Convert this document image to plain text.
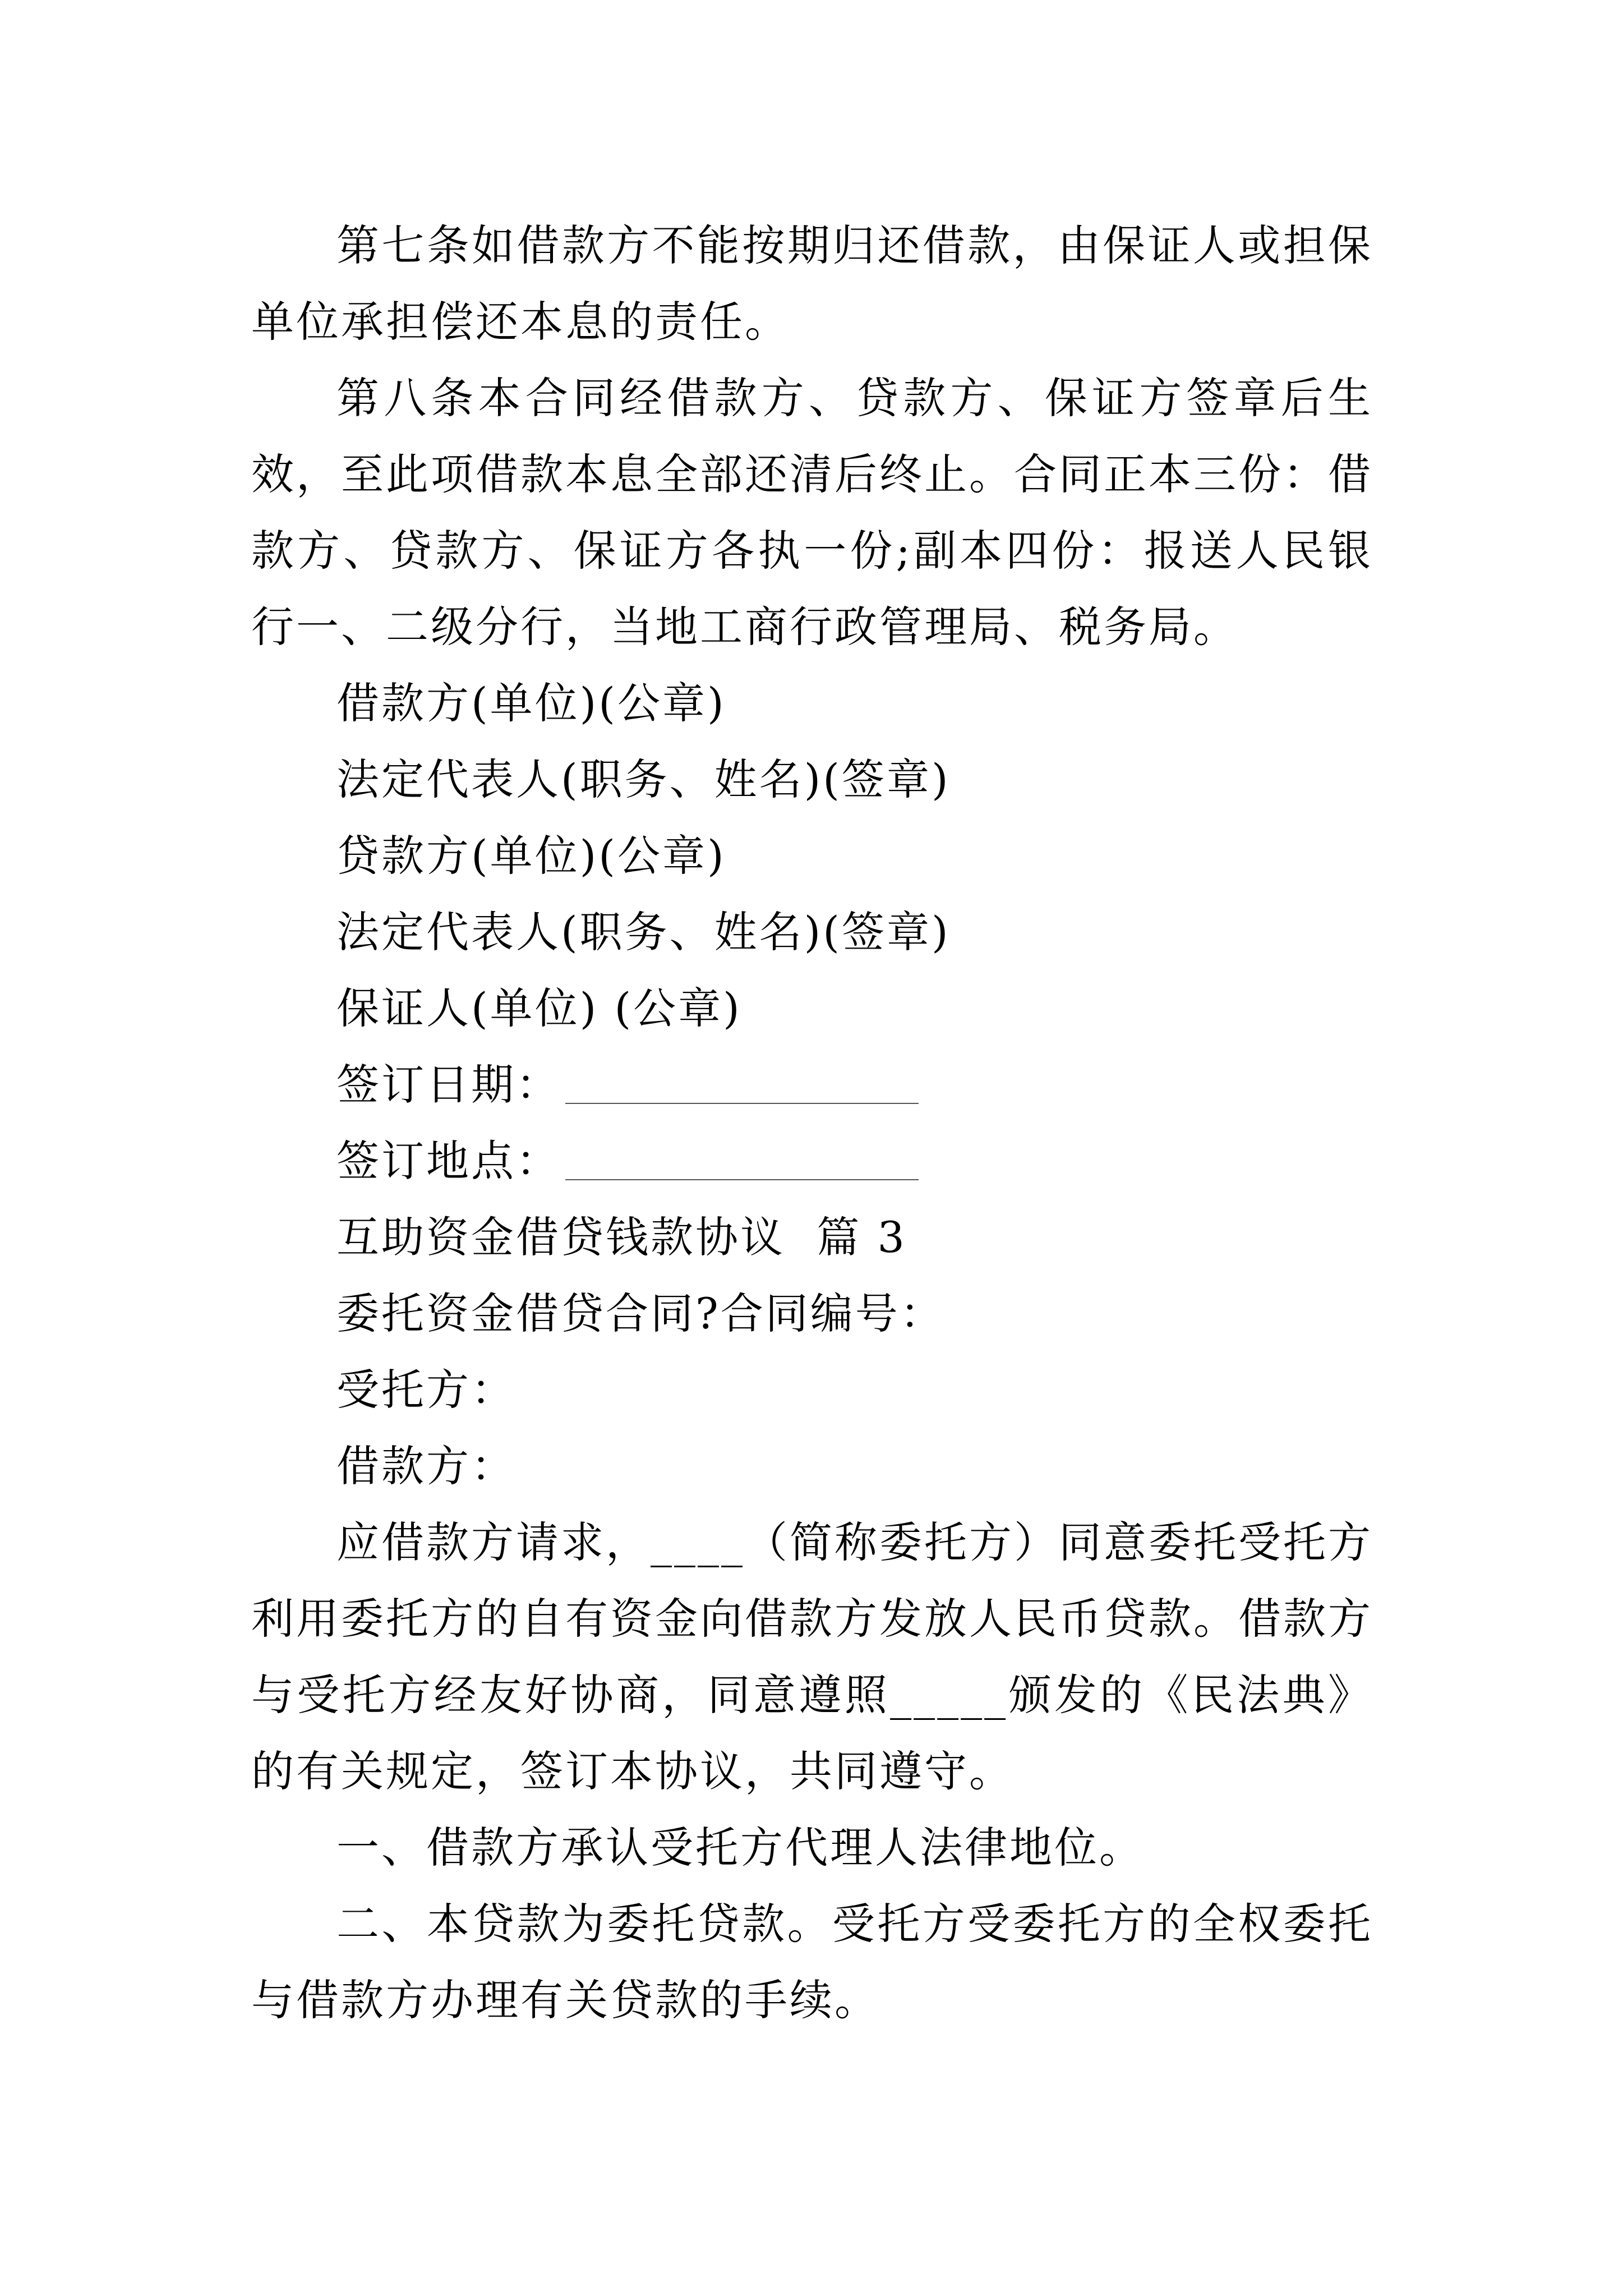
第七条如借款方不能按期归还借款，由保证人或担保单位承担偿还本息的责任。

第八条本合同经借款方、贷款方、保证方签章后生效，至此项借款本息全部还清后终止。合同正本三份：借款方、贷款方、保证方各执一份;副本四份：报送人民银行一、二级分行，当地工商行政管理局、税务局。

借款方(单位)(公章)

法定代表人(职务、姓名)(签章)

贷款方(单位)(公章)

法定代表人(职务、姓名)(签章)

保证人(单位) (公章)

签订日期：

签订地点：

互助资金借贷钱款协议  篇 3

委托资金借贷合同?合同编号：

受托方：

借款方：

应借款方请求，____（简称委托方）同意委托受托方利用委托方的自有资金向借款方发放人民币贷款。借款方与受托方经友好协商，同意遵照_____颁发的《民法典》的有关规定，签订本协议，共同遵守。

一、借款方承认受托方代理人法律地位。

二、本贷款为委托贷款。受托方受委托方的全权委托与借款方办理有关贷款的手续。
